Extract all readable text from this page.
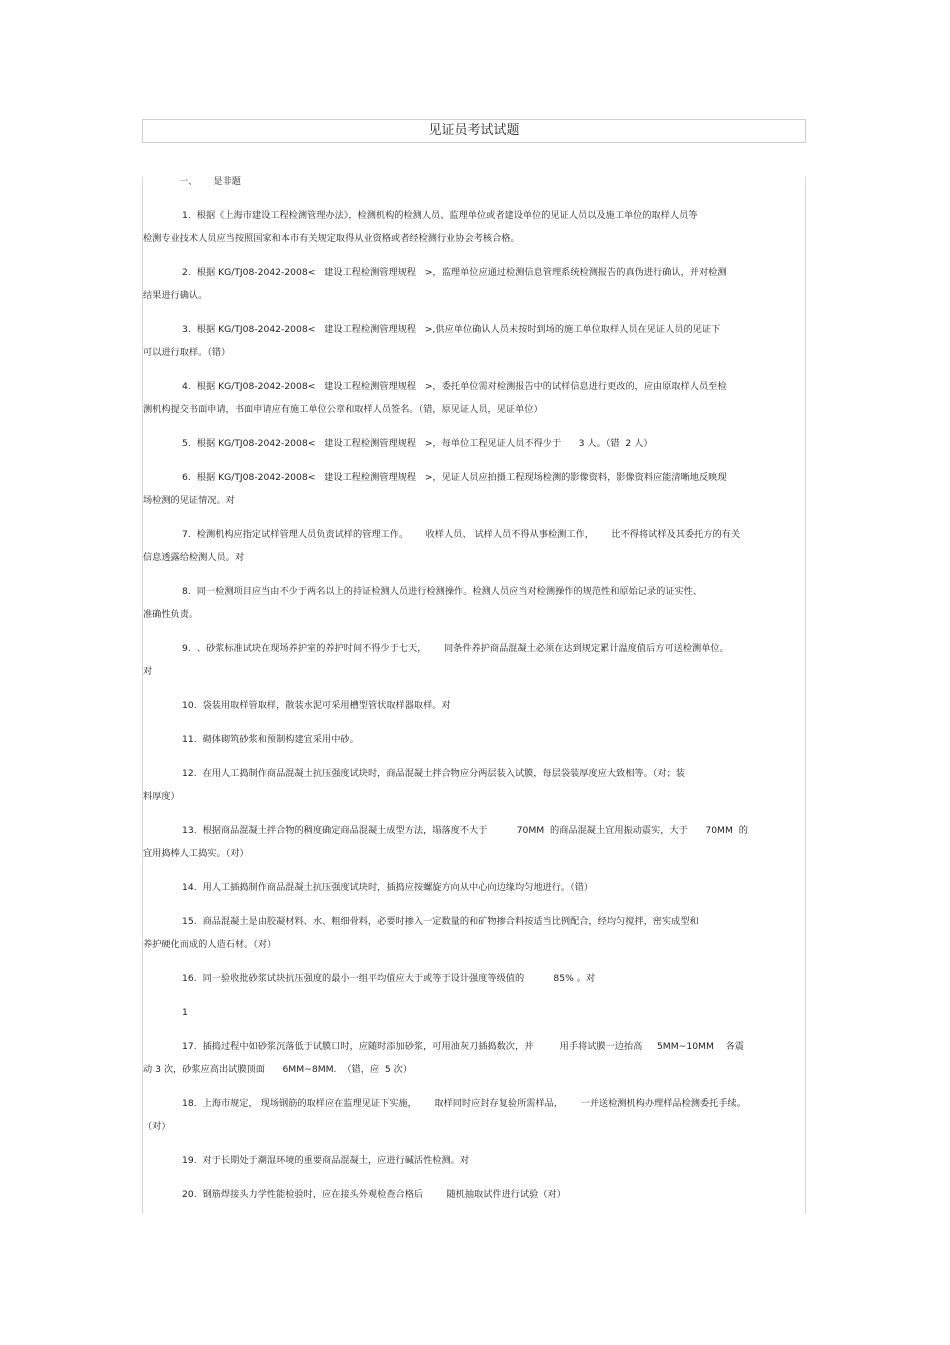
见证员考试试题
一、 是非题
1. 根据《上海市建设工程检测管理办法》，检测机构的检测人员、监理单位或者建设单位的见证人员以及施工单位的取样人员等
检测专业技术人员应当按照国家和本市有关规定取得从业资格或者经检测行业协会考核合格。
2. 根据 KG/TJ08-2042-2008<   建设工程检测管理规程   >，监理单位应通过检测信息管理系统检测报告的真伪进行确认，并对检测
结果进行确认。
3. 根据 KG/TJ08-2042-2008<   建设工程检测管理规程   >,供应单位确认人员未按时到场的施工单位取样人员在见证人员的见证下
可以进行取样。（错）
4. 根据 KG/TJ08-2042-2008<   建设工程检测管理规程   >，委托单位需对检测报告中的试样信息进行更改的，应由原取样人员至检
测机构提交书面申请，书面申请应有施工单位公章和取样人员签名。（错，原见证人员，见证单位）
5. 根据 KG/TJ08-2042-2008<   建设工程检测管理规程   >，每单位工程见证人员不得少于      3 人。（错  2 人）
6. 根据 KG/TJ08-2042-2008<   建设工程检测管理规程   >，见证人员应拍摄工程现场检测的影像资料，影像资料应能清晰地反映现
场检测的见证情况。对
7. 检测机构应指定试样管理人员负责试样的管理工作。      收样人员、 试样人员不得从事检测工作，      比不得将试样及其委托方的有关
信息透露给检测人员。对
8. 同一检测项目应当由不少于两名以上的持证检测人员进行检测操作。检测人员应当对检测操作的规范性和原始记录的证实性、
准确性负责。
9. 、砂浆标准试块在现场养护室的养护时间不得少于七天，      同条件养护商品混凝土必须在达到规定累计温度值后方可送检测单位。
对
10. 袋装用取样管取样，散装水泥可采用槽型管状取样器取样。对
11. 砌体砌筑砂浆和预制构建宜采用中砂。
12. 在用人工捣制作商品混凝土抗压强度试块时，商品混凝土拌合物应分两层装入试膜，每层袋装厚度应大致相等。（对；装
料厚度）
13. 根据商品混凝土拌合物的稠度确定商品混凝土成型方法，塌落度不大于          70MM  的商品混凝土宜用振动震实，大于      70MM  的
宜用捣棒人工捣实。（对）
14. 用人工插捣制作商品混凝土抗压强度试块时，插捣应按螺旋方向从中心向边缘均匀地进行。（错）
15. 商品混凝土是由胶凝材料、水、粗细骨料，必要时掺入一定数量的和矿物掺合料按适当比例配合，经均匀搅拌，密实成型和
养护硬化而成的人造石材。（对）
16. 同一验收批砂浆试块抗压强度的最小一组平均值应大于或等于设计强度等级值的          85% 。对
1
17. 插捣过程中如砂浆沉落低于试膜口时，应随时添加砂浆，可用油灰刀插捣数次，并         用手将试膜一边抬高     5MM~10MM    各震
动 3 次，砂浆应高出试膜顶面      6MM~8MM.  （错，应  5 次）
18. 上海市规定， 现场钢筋的取样应在监理见证下实施，      取样同时应封存复验所需样品，      一并送检测机构办理样品检测委托手续。
（对）
19. 对于长期处于潮湿环境的重要商品混凝土，应进行碱活性检测。对
20. 钢筋焊接头力学性能检验时，应在接头外观检查合格后        随机抽取试件进行试验（对）
